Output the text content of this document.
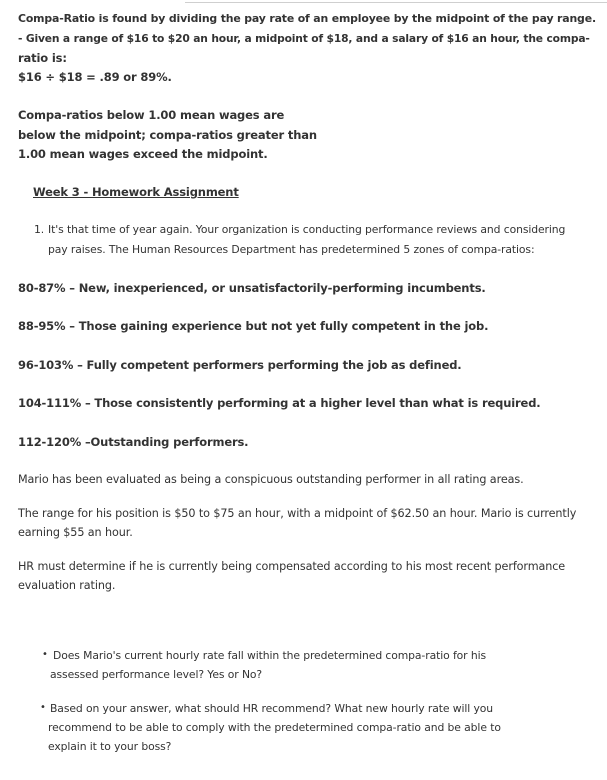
Compa-Ratio is found by dividing the pay rate of an employee by the midpoint of the pay range.
- Given a range of $16 to $20 an hour, a midpoint of $18, and a salary of $16 an hour, the compa-
ratio is:
$16 ÷ $18 = .89 or 89%.
Compa-ratios below 1.00 mean wages are
below the midpoint; compa-ratios greater than
1.00 mean wages exceed the midpoint.
Week 3 - Homework Assignment
1. It's that time of year again. Your organization is conducting performance reviews and considering
pay raises. The Human Resources Department has predetermined 5 zones of compa-ratios:
80-87% – New, inexperienced, or unsatisfactorily-performing incumbents.
88-95% – Those gaining experience but not yet fully competent in the job.
96-103% – Fully competent performers performing the job as defined.
104-111% – Those consistently performing at a higher level than what is required.
112-120% –Outstanding performers.
Mario has been evaluated as being a conspicuous outstanding performer in all rating areas.
The range for his position is $50 to $75 an hour, with a midpoint of $62.50 an hour. Mario is currently
earning $55 an hour.
HR must determine if he is currently being compensated according to his most recent performance
evaluation rating.
• Does Mario's current hourly rate fall within the predetermined compa-ratio for his
assessed performance level? Yes or No?
• Based on your answer, what should HR recommend? What new hourly rate will you
recommend to be able to comply with the predetermined compa-ratio and be able to
explain it to your boss?
